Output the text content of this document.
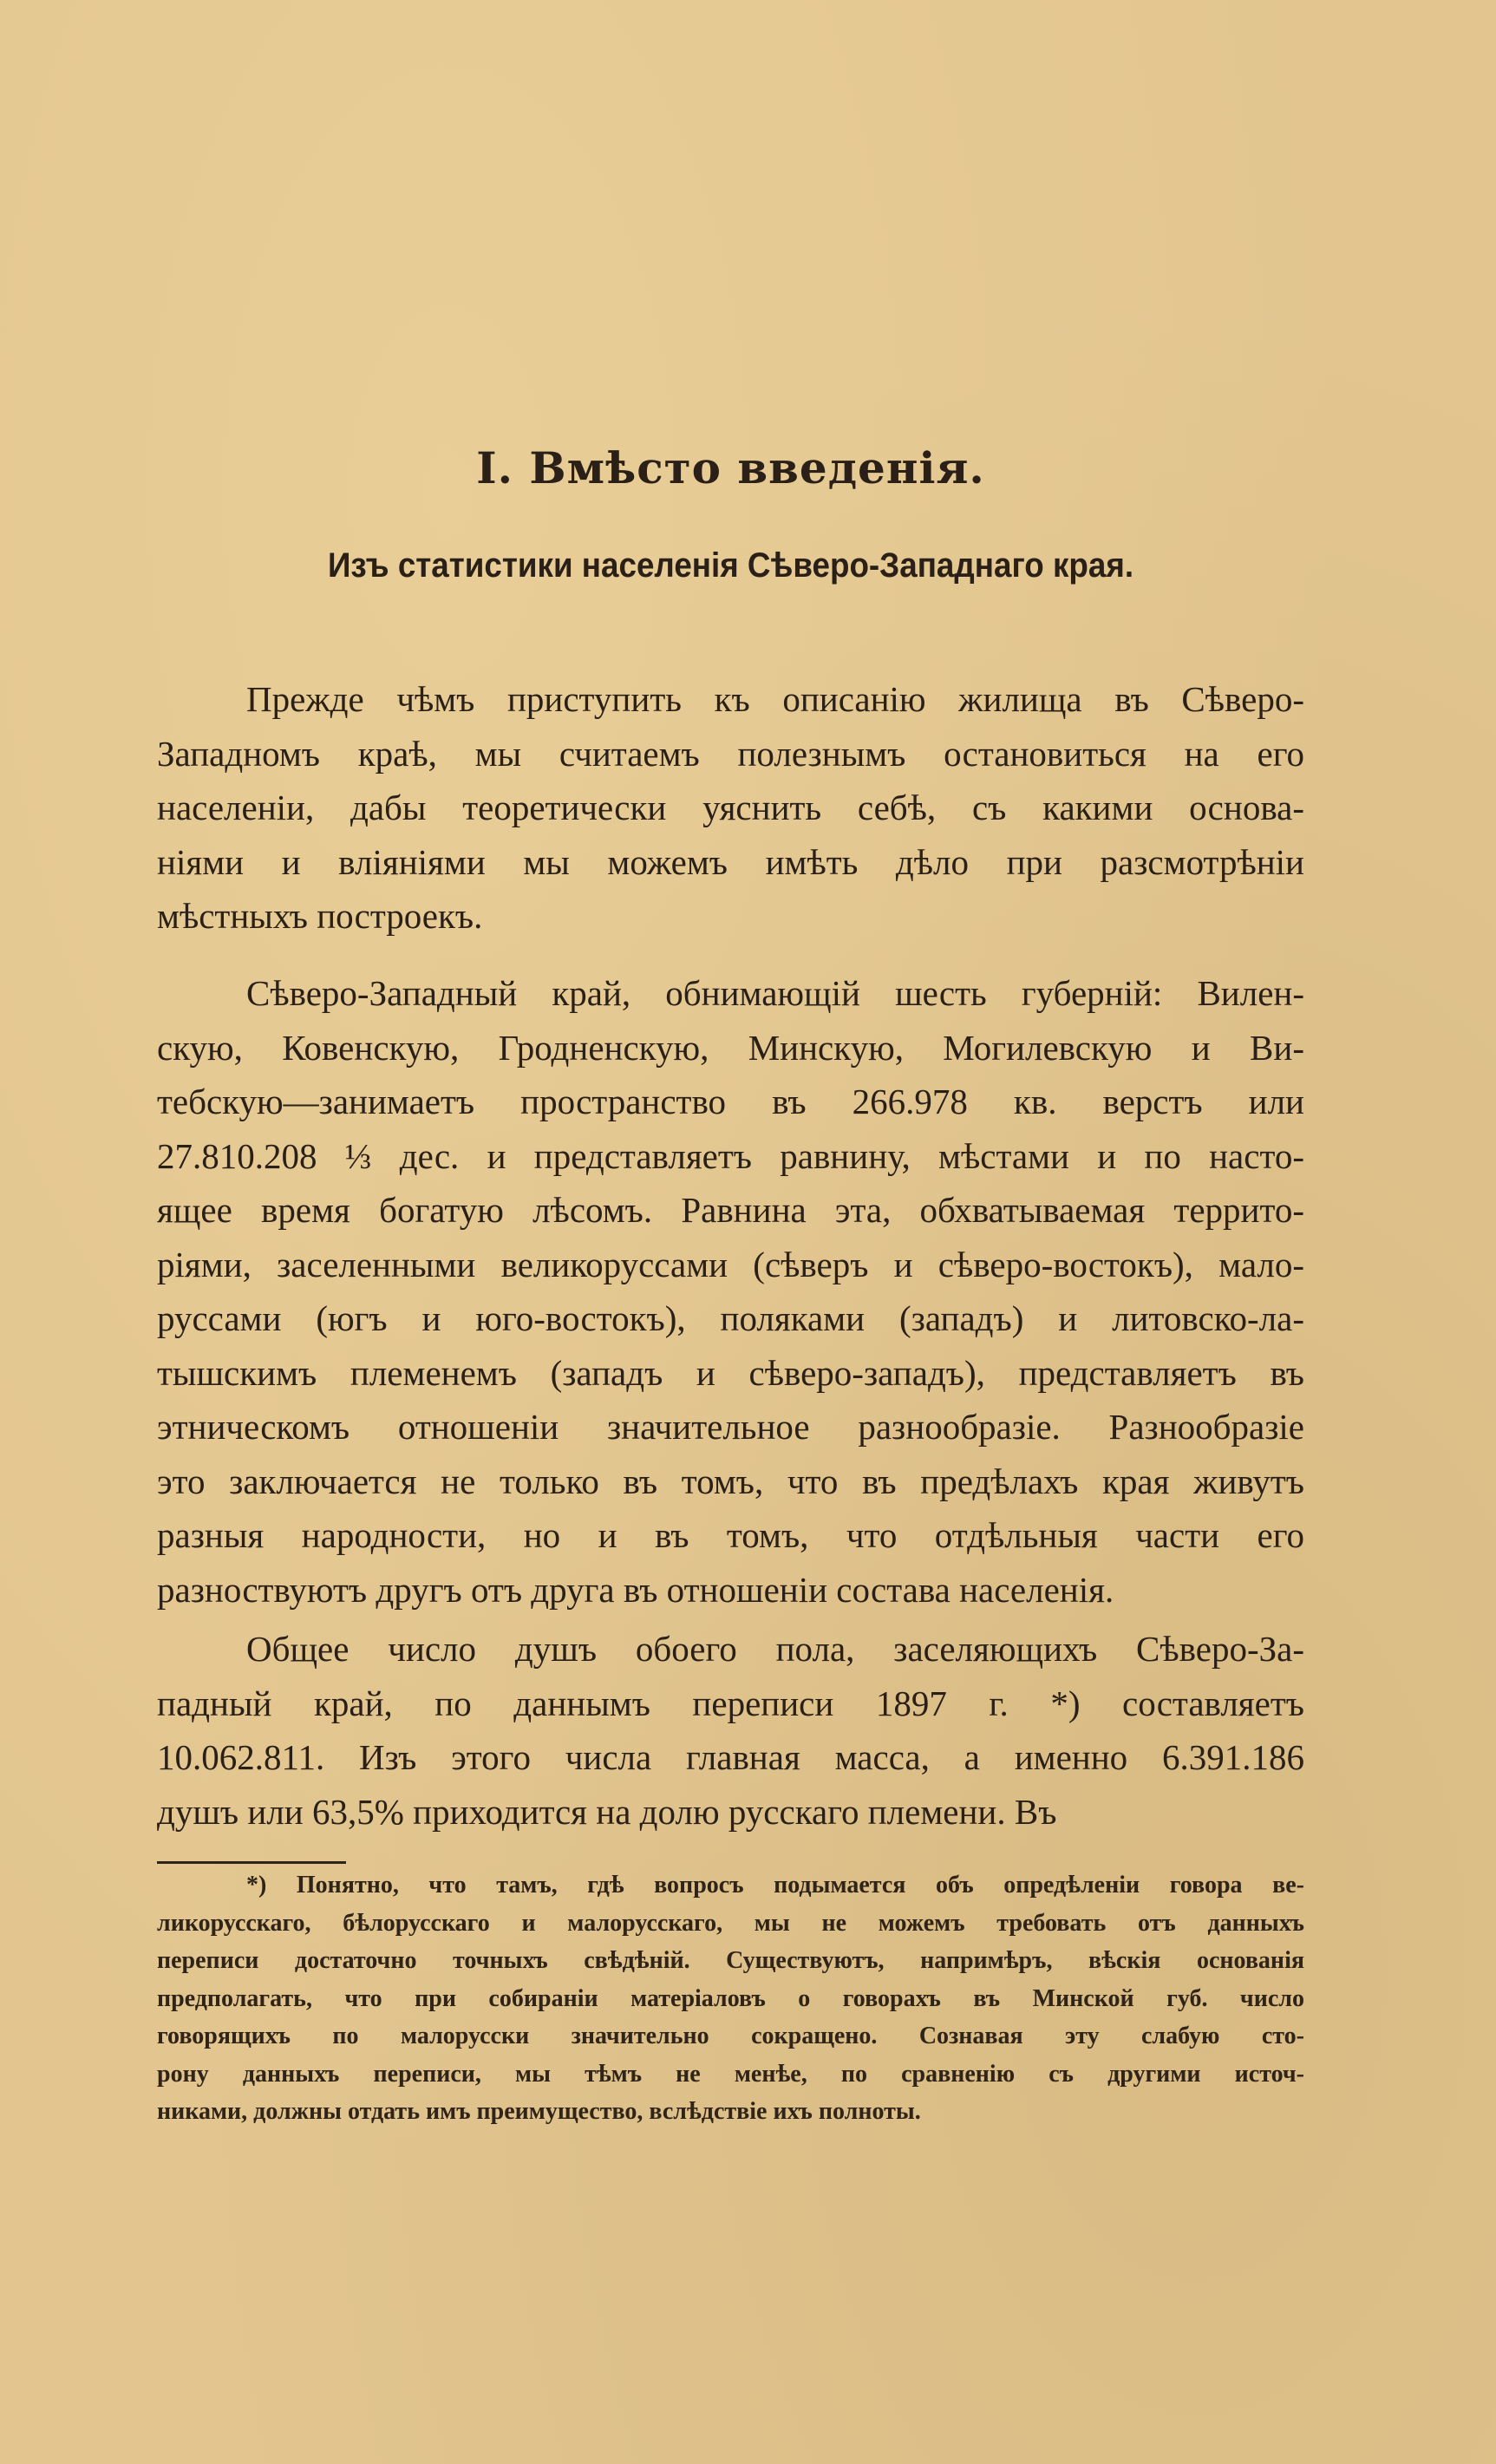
I. Вмѣсто введенія.
Изъ статистики населенія Сѣверо-Западнаго края.
Прежде чѣмъ приступить къ описанію жилища въ Сѣверо-
Западномъ краѣ, мы считаемъ полезнымъ остановиться на его
населеніи, дабы теоретически уяснить себѣ, съ какими основа-
ніями и вліяніями мы можемъ имѣть дѣло при разсмотрѣніи
мѣстныхъ построекъ.
Сѣверо-Западный край, обнимающій шесть губерній: Вилен-
скую, Ковенскую, Гродненскую, Минскую, Могилевскую и Ви-
тебскую—занимаетъ пространство въ 266.978 кв. верстъ или
27.810.208 ⅓ дес. и представляетъ равнину, мѣстами и по насто-
ящее время богатую лѣсомъ. Равнина эта, обхватываемая террито-
ріями, заселенными великоруссами (сѣверъ и сѣверо-востокъ), мало-
руссами (югъ и юго-востокъ), поляками (западъ) и литовско-ла-
тышскимъ племенемъ (западъ и сѣверо-западъ), представляетъ въ
этническомъ отношеніи значительное разнообразіе. Разнообразіе
это заключается не только въ томъ, что въ предѣлахъ края живутъ
разныя народности, но и въ томъ, что отдѣльныя части его
разноствуютъ другъ отъ друга въ отношеніи состава населенія.
Общее число душъ обоего пола, заселяющихъ Сѣверо-За-
падный край, по даннымъ переписи 1897 г. *) составляетъ
10.062.811. Изъ этого числа главная масса, а именно 6.391.186
душъ или 63,5% приходится на долю русскаго племени. Въ
*) Понятно, что тамъ, гдѣ вопросъ подымается объ опредѣленіи говора ве-
ликорусскаго, бѣлорусскаго и малорусскаго, мы не можемъ требовать отъ данныхъ
переписи достаточно точныхъ свѣдѣній. Существуютъ, напримѣръ, вѣскія основанія
предполагать, что при собираніи матеріаловъ о говорахъ въ Минской губ. число
говорящихъ по малорусски значительно сокращено. Сознавая эту слабую сто-
рону данныхъ переписи, мы тѣмъ не менѣе, по сравненію съ другими источ-
никами, должны отдать имъ преимущество, вслѣдствіе ихъ полноты.
